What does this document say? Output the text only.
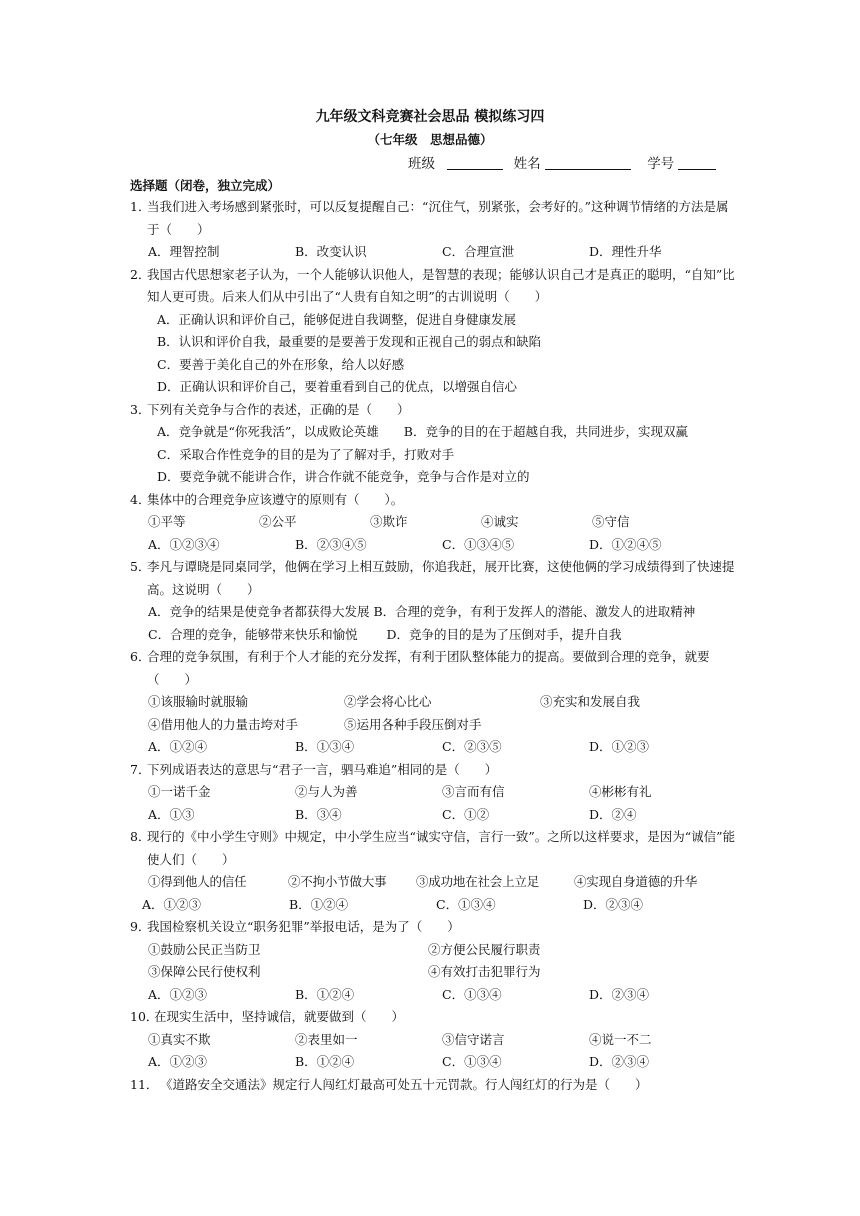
九年级文科竞赛社会思品 模拟练习四
（七年级　思想品德）
班级	姓名	学号
选择题（闭卷，独立完成）
1．
当我们进入考场感到紧张时，可以反复提醒自己：“沉住气，别紧张，会考好的。”这种调节情绪的方法是属于（　　）
A．理智控制	B．改变认识	C．合理宣泄	D．理性升华
2．
我国古代思想家老子认为，一个人能够认识他人，是智慧的表现；能够认识自己才是真正的聪明，“自知”比知人更可贵。后来人们从中引出了“人贵有自知之明”的古训说明（　　）
A．正确认识和评价自己，能够促进自我调整，促进自身健康发展
B．认识和评价自我，最重要的是要善于发现和正视自己的弱点和缺陷
C．要善于美化自己的外在形象，给人以好感
D．正确认识和评价自己，要着重看到自己的优点，以增强自信心
3．
下列有关竞争与合作的表述，正确的是（　　）
A．竞争就是“你死我活”，以成败论英雄　　B．竞争的目的在于超越自我，共同进步，实现双赢
C．采取合作性竞争的目的是为了了解对手，打败对手
D．要竞争就不能讲合作，讲合作就不能竞争，竞争与合作是对立的
4．
集体中的合理竞争应该遵守的原则有（　　）。
①平等	②公平	③欺诈	④诚实	⑤守信
A．①②③④	B．②③④⑤	C．①③④⑤	D．①②④⑤
5．
李凡与谭晓是同桌同学，他俩在学习上相互鼓励，你追我赶，展开比赛，这使他俩的学习成绩得到了快速提高。这说明（　　）
A．竞争的结果是使竞争者都获得大发展 B．合理的竞争，有利于发挥人的潜能、激发人的进取精神
C．合理的竞争，能够带来快乐和愉悦　　 D．竞争的目的是为了压倒对手，提升自我
6．
合理的竞争氛围，有利于个人才能的充分发挥，有利于团队整体能力的提高。要做到合理的竞争，就要（　　）
①该服输时就服输	②学会将心比心	③充实和发展自我
④借用他人的力量击垮对手	⑤运用各种手段压倒对手
A．①②④	B．①③④	C．②③⑤	D．①②③
7．
下列成语表达的意思与“君子一言，驷马难追”相同的是（　　）
①一诺千金	②与人为善	③言而有信	④彬彬有礼
A．①③	B．③④	C．①②	D．②④
8．
现行的《中小学生守则》中规定，中小学生应当“诚实守信，言行一致”。之所以这样要求，是因为“诚信”能使人们（　　）
①得到他人的信任	②不拘小节做大事	③成功地在社会上立足	④实现自身道德的升华
A．①②③	B．①②④	C．①③④	D．②③④
9．
我国检察机关设立“职务犯罪”举报电话，是为了（　　）
①鼓励公民正当防卫	②方便公民履行职责
③保障公民行使权利	④有效打击犯罪行为
A．①②③	B．①②④	C．①③④	D．②③④
10．
在现实生活中，坚持诚信，就要做到（　　）
①真实不欺	②表里如一	③信守诺言	④说一不二
A．①②③	B．①②④	C．①③④	D．②③④
11． 《道路安全交通法》规定行人闯红灯最高可处五十元罚款。行人闯红灯的行为是（　　）
